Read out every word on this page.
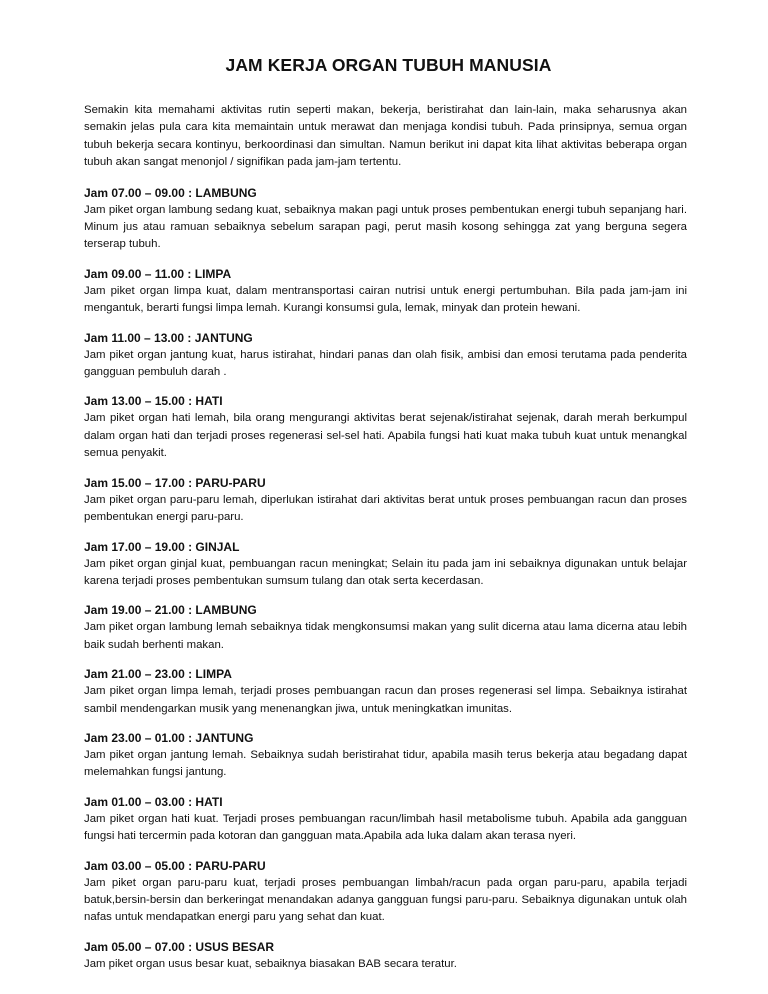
JAM KERJA ORGAN TUBUH MANUSIA

Semakin kita memahami aktivitas rutin seperti makan, bekerja, beristirahat dan lain-lain, maka seharusnya akan semakin jelas pula cara kita memaintain untuk merawat dan menjaga kondisi tubuh. Pada prinsipnya, semua organ tubuh bekerja secara kontinyu, berkoordinasi dan simultan. Namun berikut ini dapat kita lihat aktivitas beberapa organ tubuh akan sangat menonjol / signifikan pada jam-jam tertentu.

Jam 07.00 – 09.00 : LAMBUNG

Jam piket organ lambung sedang kuat, sebaiknya makan pagi untuk proses pembentukan energi tubuh sepanjang hari. Minum jus atau ramuan sebaiknya sebelum sarapan pagi, perut masih kosong sehingga zat yang berguna segera terserap tubuh.

Jam 09.00 – 11.00 : LIMPA

Jam piket organ limpa kuat, dalam mentransportasi cairan nutrisi untuk energi pertumbuhan. Bila pada jam-jam ini mengantuk, berarti fungsi limpa lemah. Kurangi konsumsi gula, lemak, minyak dan protein hewani.

Jam 11.00 – 13.00 : JANTUNG

Jam piket organ jantung kuat, harus istirahat, hindari panas dan olah fisik, ambisi dan emosi terutama pada penderita gangguan pembuluh darah .

Jam 13.00 – 15.00 : HATI

Jam piket organ hati lemah, bila orang mengurangi aktivitas berat sejenak/istirahat sejenak, darah merah berkumpul dalam organ hati dan terjadi proses regenerasi sel-sel hati. Apabila fungsi hati kuat maka tubuh kuat untuk menangkal semua penyakit.

Jam 15.00 – 17.00 : PARU-PARU

Jam piket organ paru-paru lemah, diperlukan istirahat dari aktivitas berat untuk proses pembuangan racun dan proses pembentukan energi paru-paru.

Jam 17.00 – 19.00 : GINJAL

Jam piket organ ginjal kuat, pembuangan racun meningkat; Selain itu pada jam ini sebaiknya digunakan untuk belajar karena terjadi proses pembentukan sumsum tulang dan otak serta kecerdasan.

Jam 19.00 – 21.00 : LAMBUNG

Jam piket organ lambung lemah sebaiknya tidak mengkonsumsi makan yang sulit dicerna atau lama dicerna atau lebih baik sudah berhenti makan.

Jam 21.00 – 23.00 : LIMPA

Jam piket organ limpa lemah, terjadi proses pembuangan racun dan proses regenerasi sel limpa. Sebaiknya istirahat sambil mendengarkan musik yang menenangkan jiwa, untuk meningkatkan imunitas.

Jam 23.00 – 01.00 : JANTUNG

Jam piket organ jantung lemah. Sebaiknya sudah beristirahat tidur, apabila masih terus bekerja atau begadang dapat melemahkan fungsi jantung.

Jam 01.00 – 03.00 : HATI

Jam piket organ hati kuat. Terjadi proses pembuangan racun/limbah hasil metabolisme tubuh. Apabila ada gangguan fungsi hati tercermin pada kotoran dan gangguan mata.Apabila ada luka dalam akan terasa nyeri.

Jam 03.00 – 05.00 : PARU-PARU

Jam piket organ paru-paru kuat, terjadi proses pembuangan limbah/racun pada organ paru-paru, apabila terjadi batuk,bersin-bersin dan berkeringat menandakan adanya gangguan fungsi paru-paru. Sebaiknya digunakan untuk olah nafas untuk mendapatkan energi paru yang sehat dan kuat.

Jam 05.00 – 07.00 : USUS BESAR

Jam piket organ usus besar kuat, sebaiknya biasakan BAB secara teratur.
